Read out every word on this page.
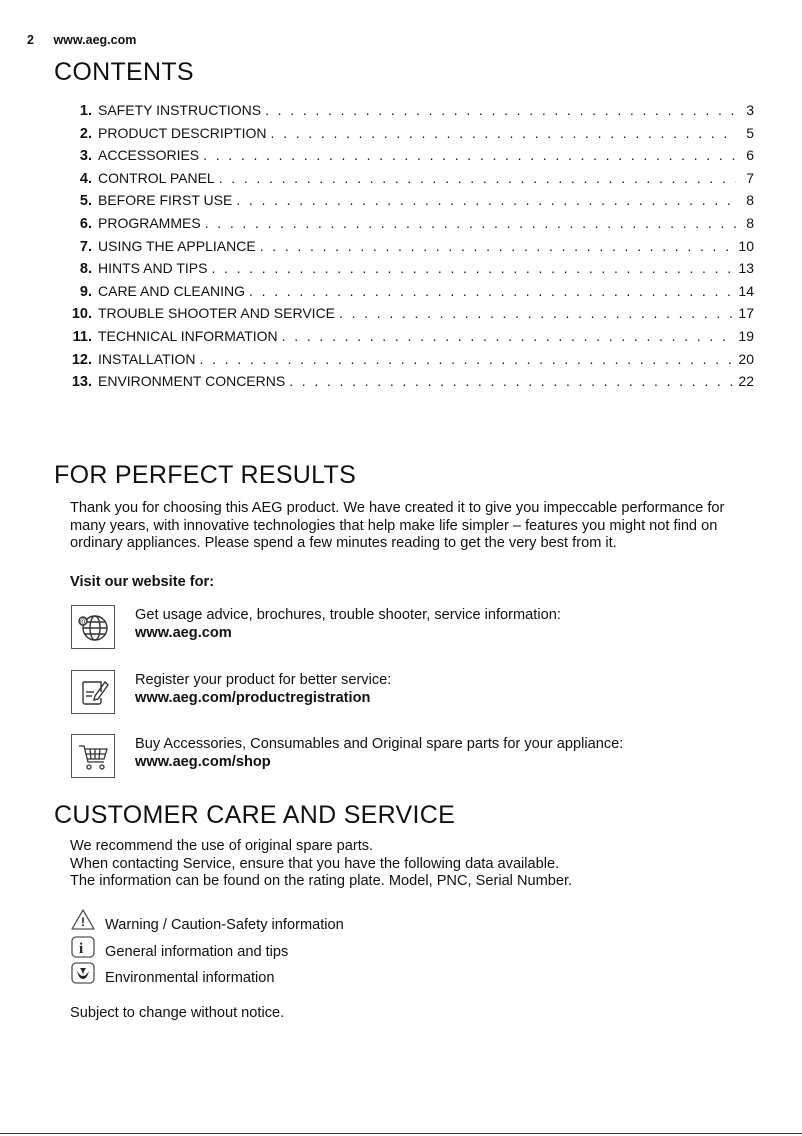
2 www.aeg.com
CONTENTS
1. SAFETY INSTRUCTIONS . . .	3
2. PRODUCT DESCRIPTION . . .	5
3. ACCESSORIES . . .	6
4. CONTROL PANEL . . .	7
5. BEFORE FIRST USE . . .	8
6. PROGRAMMES . . .	8
7. USING THE APPLIANCE . . .	10
8. HINTS AND TIPS . . .	13
9. CARE AND CLEANING . . .	14
10. TROUBLE SHOOTER AND SERVICE . . .	17
11. TECHNICAL INFORMATION . . .	19
12. INSTALLATION . . .	20
13. ENVIRONMENT CONCERNS . . .	22
FOR PERFECT RESULTS
Thank you for choosing this AEG product. We have created it to give you impeccable performance for many years, with innovative technologies that help make life simpler – features you might not find on ordinary appliances. Please spend a few minutes reading to get the very best from it.
Visit our website for:
@	Get usage advice, brochures, trouble shooter, service information:
www.aeg.com
Register your product for better service:
www.aeg.com/productregistration
Buy Accessories, Consumables and Original spare parts for your appliance:
www.aeg.com/shop
CUSTOMER CARE AND SERVICE
We recommend the use of original spare parts.
When contacting Service, ensure that you have the following data available.
The information can be found on the rating plate. Model, PNC, Serial Number.
! Warning / Caution-Safety information
i General information and tips
Environmental information
Subject to change without notice.
